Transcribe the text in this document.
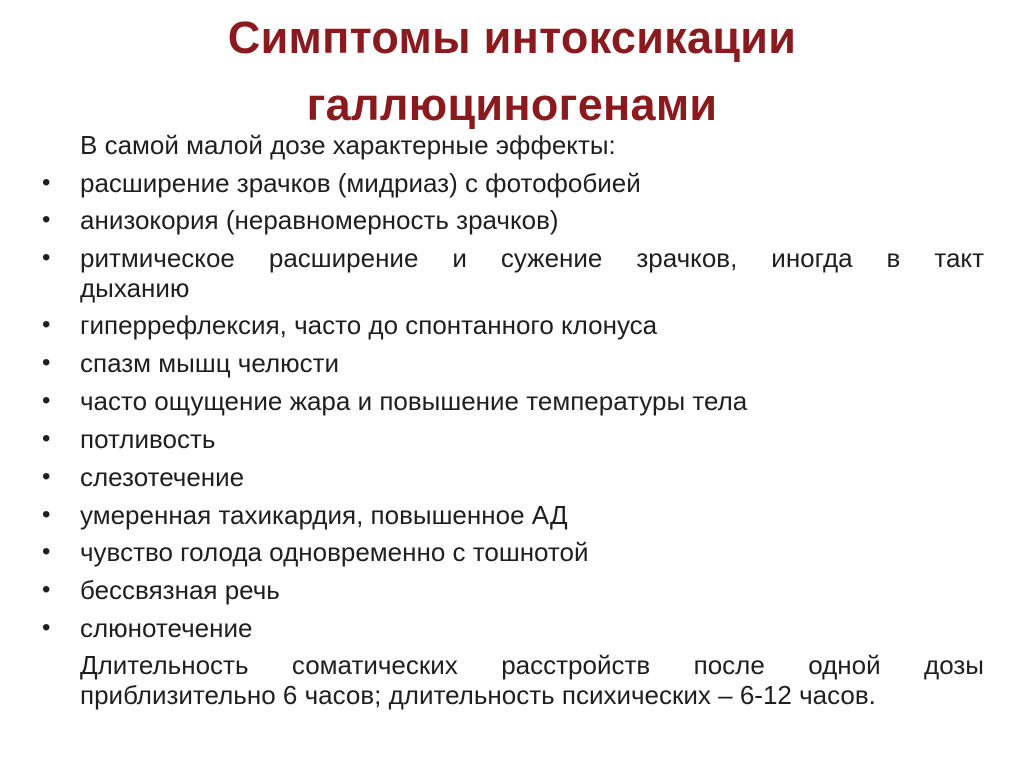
Симптомы интоксикации
галлюциногенами
В самой малой дозе характерные эффекты:
• расширение зрачков (мидриаз) с фотофобией
• анизокория (неравномерность зрачков)
• ритмическое расширение и сужение зрачков, иногда в такт
дыханию
• гиперрефлексия, часто до спонтанного клонуса
• спазм мышц челюсти
• часто ощущение жара и повышение температуры тела
• потливость
• слезотечение
• умеренная тахикардия, повышенное АД
• чувство голода одновременно с тошнотой
• бессвязная речь
• слюнотечение
Длительность соматических расстройств после одной дозы
приблизительно 6 часов; длительность психических – 6-12 часов.
